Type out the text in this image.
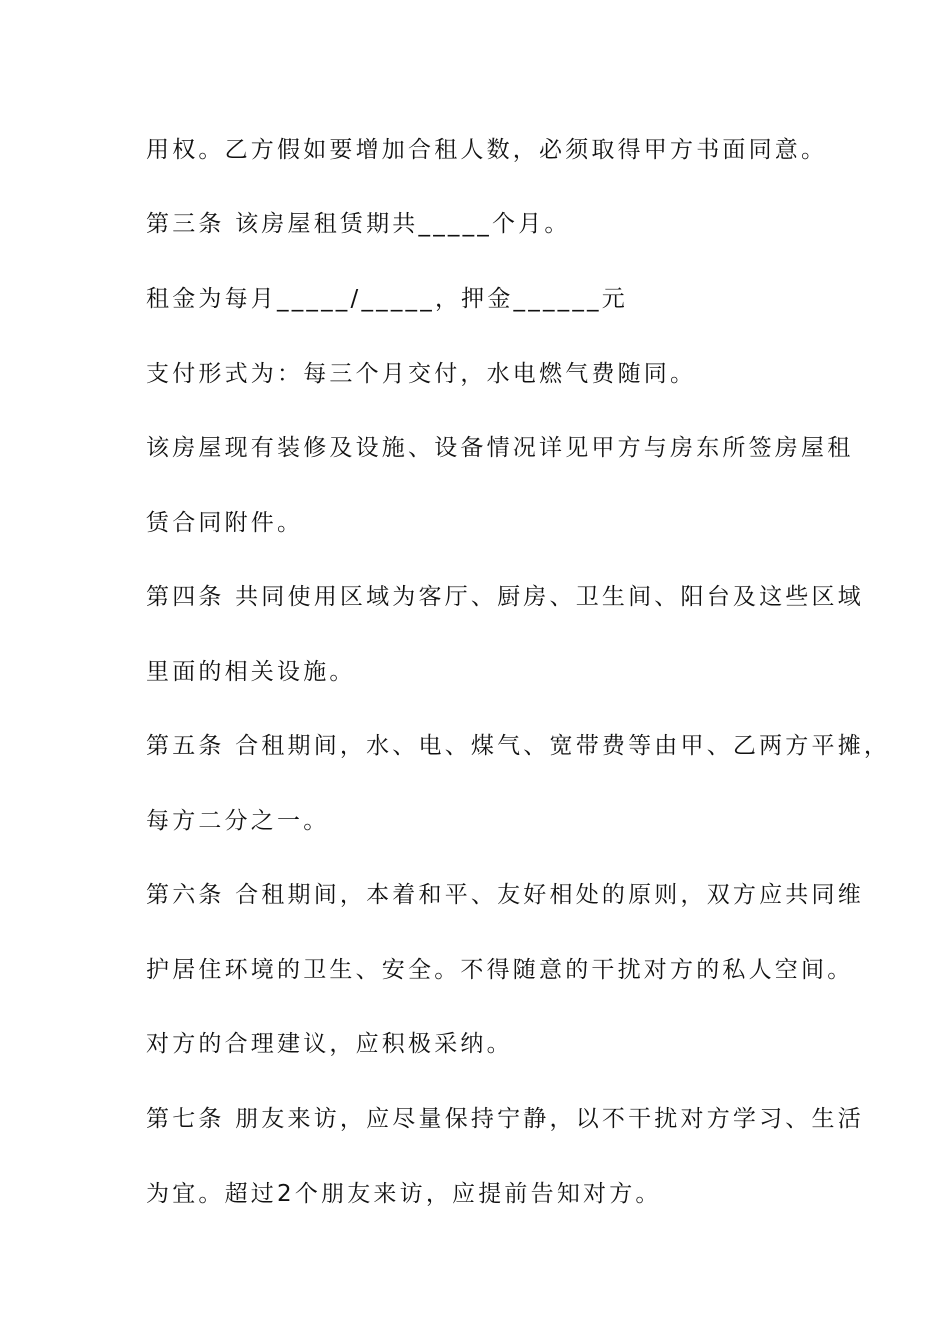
用权。乙方假如要增加合租人数，必须取得甲方书面同意。
第三条 该房屋租赁期共_____个月。
租金为每月_____/_____，押金______元
支付形式为：每三个月交付，水电燃气费随同。
该房屋现有装修及设施、设备情况详见甲方与房东所签房屋租
赁合同附件。
第四条 共同使用区域为客厅、厨房、卫生间、阳台及这些区域
里面的相关设施。
第五条 合租期间，水、电、煤气、宽带费等由甲、乙两方平摊，
每方二分之一。
第六条 合租期间，本着和平、友好相处的原则，双方应共同维
护居住环境的卫生、安全。不得随意的干扰对方的私人空间。
对方的合理建议，应积极采纳。
第七条 朋友来访，应尽量保持宁静，以不干扰对方学习、生活
为宜。超过2个朋友来访，应提前告知对方。
